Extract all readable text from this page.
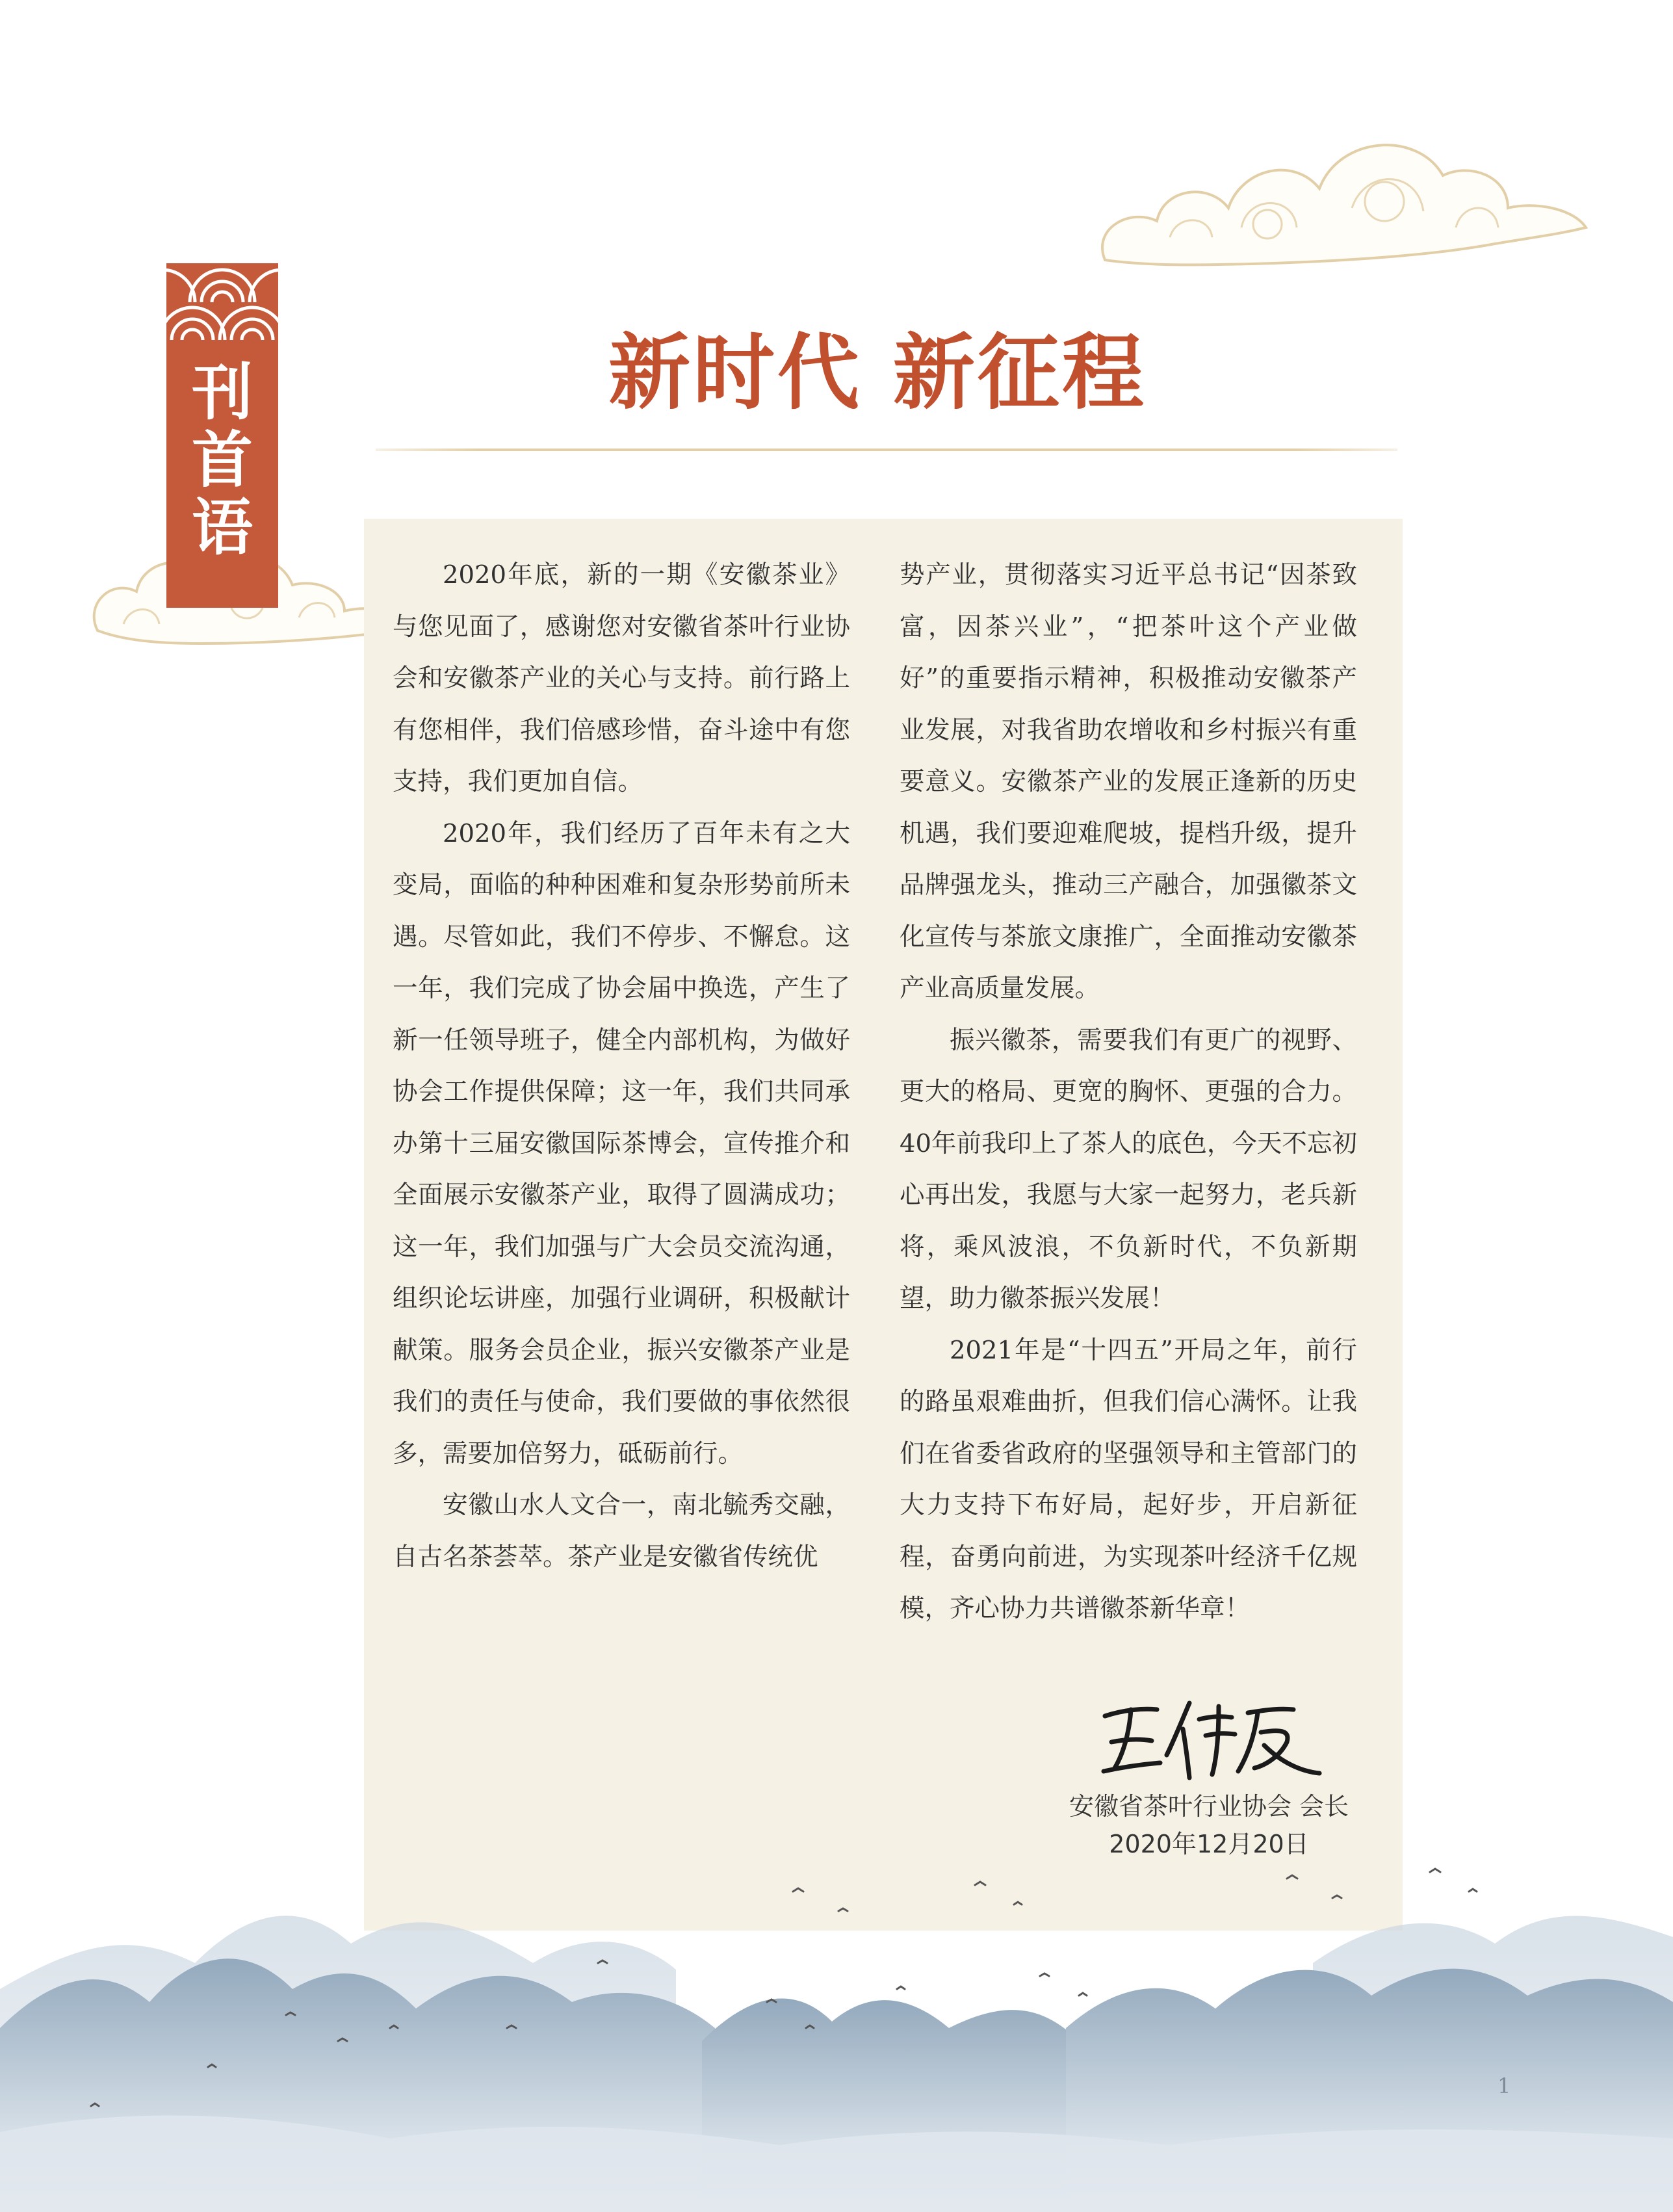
刊
首
语
新时代 新征程

2020年底，新的一期《安徽茶业》与您见面了，感谢您对安徽省茶叶行业协会和安徽茶产业的关心与支持。前行路上有您相伴，我们倍感珍惜，奋斗途中有您支持，我们更加自信。

2020年，我们经历了百年未有之大变局，面临的种种困难和复杂形势前所未遇。尽管如此，我们不停步、不懈怠。这一年，我们完成了协会届中换选，产生了新一任领导班子，健全内部机构，为做好协会工作提供保障；这一年，我们共同承办第十三届安徽国际茶博会，宣传推介和全面展示安徽茶产业，取得了圆满成功；这一年，我们加强与广大会员交流沟通，组织论坛讲座，加强行业调研，积极献计献策。服务会员企业，振兴安徽茶产业是我们的责任与使命，我们要做的事依然很多，需要加倍努力，砥砺前行。

安徽山水人文合一，南北毓秀交融，自古名茶荟萃。茶产业是安徽省传统优

势产业，贯彻落实习近平总书记“因茶致富，因茶兴业”，“把茶叶这个产业做好”的重要指示精神，积极推动安徽茶产业发展，对我省助农增收和乡村振兴有重要意义。安徽茶产业的发展正逢新的历史机遇，我们要迎难爬坡，提档升级，提升品牌强龙头，推动三产融合，加强徽茶文化宣传与茶旅文康推广，全面推动安徽茶产业高质量发展。

振兴徽茶，需要我们有更广的视野、更大的格局、更宽的胸怀、更强的合力。40年前我印上了茶人的底色，今天不忘初心再出发，我愿与大家一起努力，老兵新将，乘风波浪，不负新时代，不负新期望，助力徽茶振兴发展！

2021年是“十四五”开局之年，前行的路虽艰难曲折，但我们信心满怀。让我们在省委省政府的坚强领导和主管部门的大力支持下布好局，起好步，开启新征程，奋勇向前进，为实现茶叶经济千亿规模，齐心协力共谱徽茶新华章！

安徽省茶叶行业协会 会长
2020年12月20日
1
